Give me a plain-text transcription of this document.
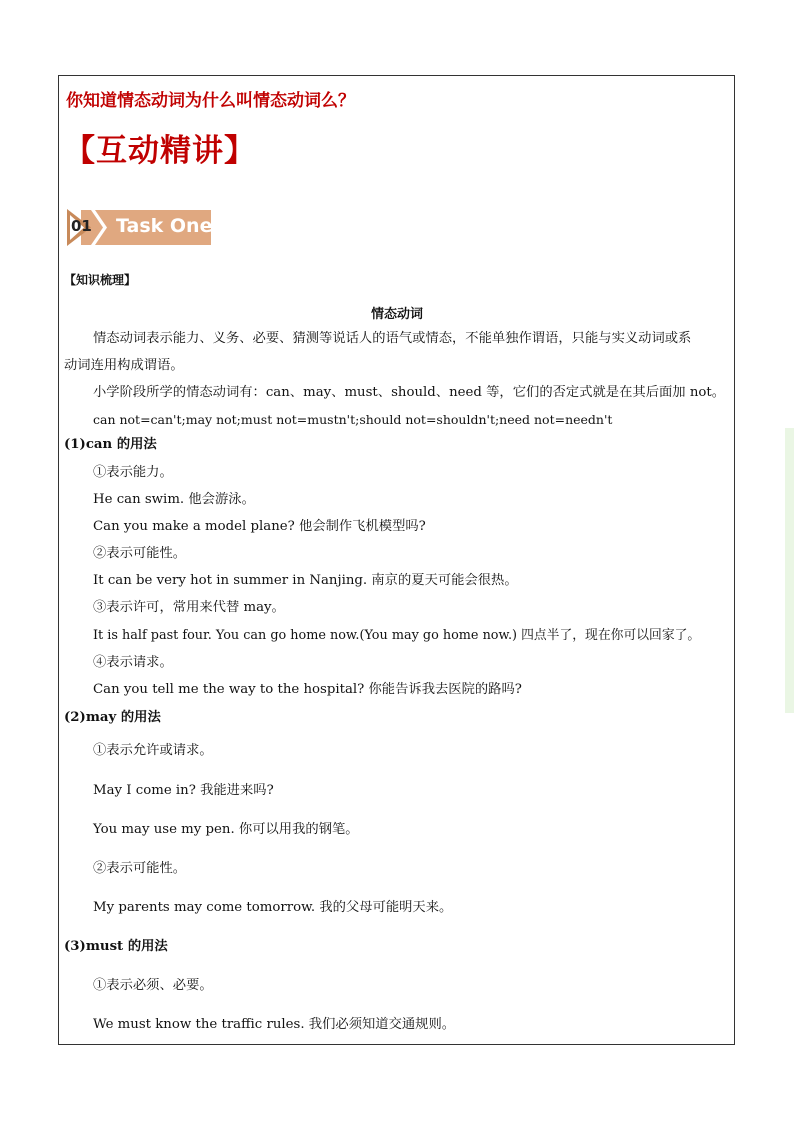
你知道情态动词为什么叫情态动词么？
【互动精讲】
01 Task One
【知识梳理】
情态动词
情态动词表示能力、义务、必要、猜测等说话人的语气或情态，不能单独作谓语，只能与实义动词或系
动词连用构成谓语。
小学阶段所学的情态动词有：can、may、must、should、need 等，它们的否定式就是在其后面加 not。
can not=can't;may not;must not=mustn't;should not=shouldn't;need not=needn't
(1)can 的用法
①表示能力。
He can swim. 他会游泳。
Can you make a model plane? 他会制作飞机模型吗?
②表示可能性。
It can be very hot in summer in Nanjing. 南京的夏天可能会很热。
③表示许可，常用来代替 may。
It is half past four. You can go home now.(You may go home now.) 四点半了，现在你可以回家了。
④表示请求。
Can you tell me the way to the hospital? 你能告诉我去医院的路吗?
(2)may 的用法
①表示允许或请求。
May I come in? 我能进来吗?
You may use my pen. 你可以用我的钢笔。
②表示可能性。
My parents may come tomorrow. 我的父母可能明天来。
(3)must 的用法
①表示必须、必要。
We must know the traffic rules. 我们必须知道交通规则。
